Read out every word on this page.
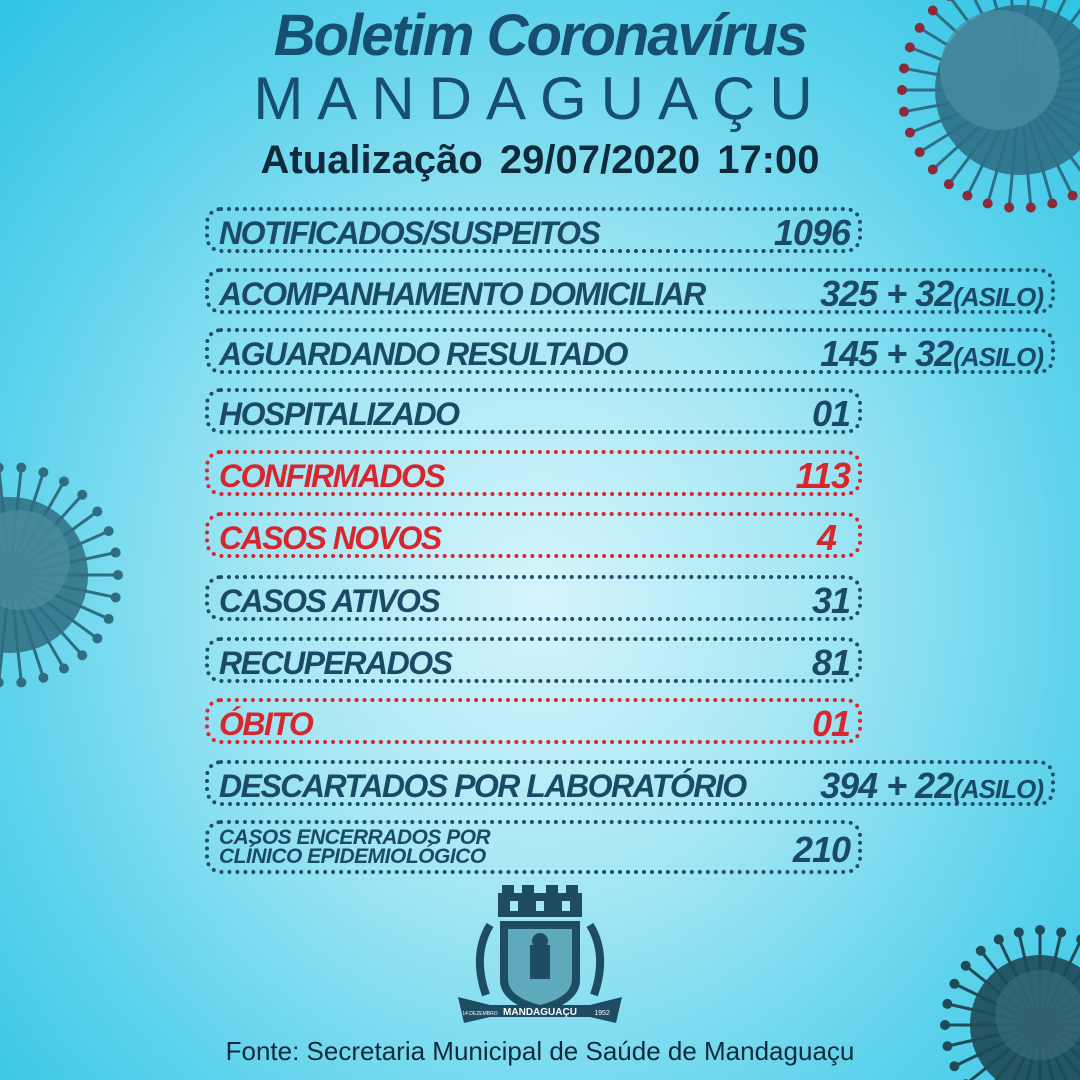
Boletim Coronavírus
MANDAGUAÇU
Atualização 29/07/2020 17:00
NOTIFICADOS/SUSPEITOS	1096
ACOMPANHAMENTO DOMICILIAR	325 + 32(ASILO)
AGUARDANDO RESULTADO	145 + 32(ASILO)
HOSPITALIZADO	01
CONFIRMADOS	113
CASOS NOVOS	4
CASOS ATIVOS	31
RECUPERADOS	81
ÓBITO	01
DESCARTADOS POR LABORATÓRIO 394 + 22(ASILO)
CASOS ENCERRADOS POR
CLÍNICO EPIDEMIOLÓGICO	210
MANDAGUAÇU
14 DEZEMBRO	1952
Fonte: Secretaria Municipal de Saúde de Mandaguaçu
